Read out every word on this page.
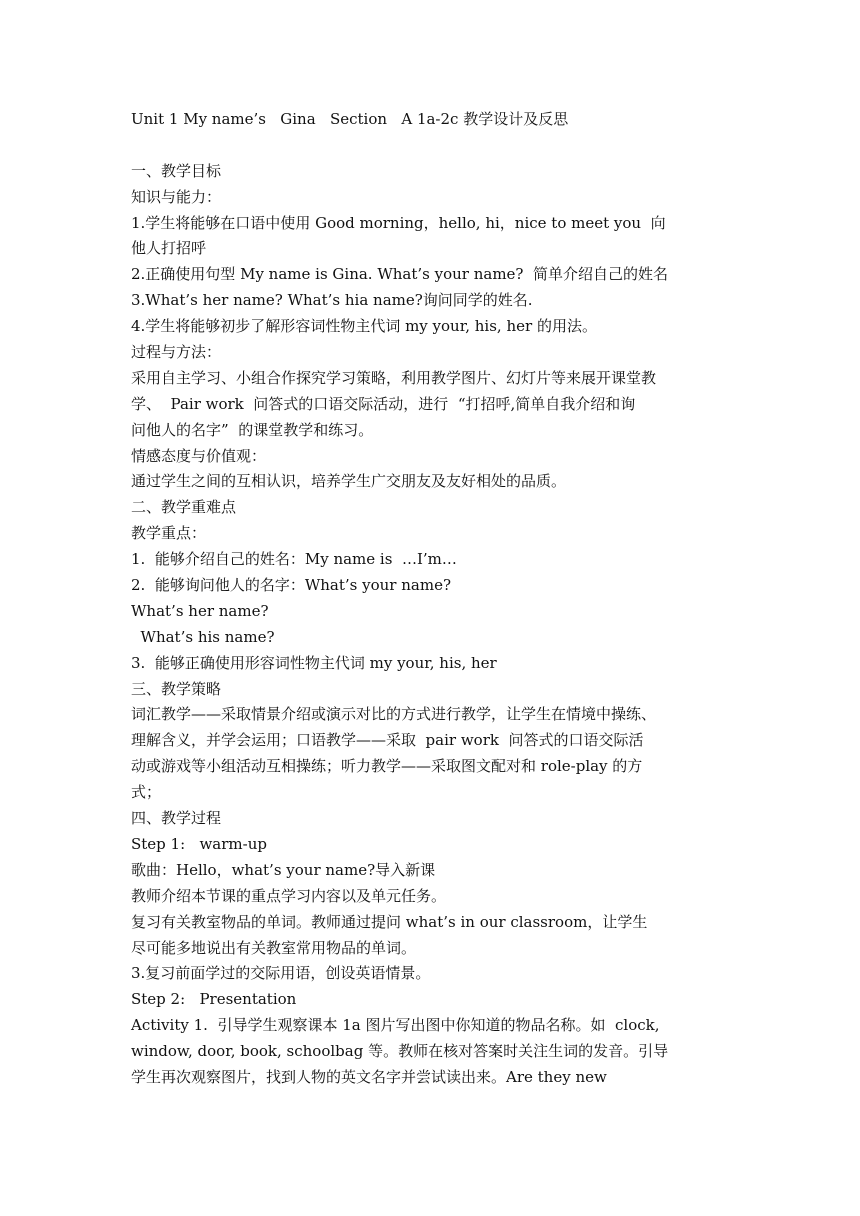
Unit 1 My name’s   Gina   Section   A 1a-2c 教学设计及反思
一、教学目标
知识与能力：
1.学生将能够在口语中使用 Good morning，hello, hi，nice to meet you  向
他人打招呼
2.正确使用句型 My name is Gina. What’s your name?  简单介绍自己的姓名
3.What’s her name? What’s hia name?询问同学的姓名.
4.学生将能够初步了解形容词性物主代词 my your, his, her 的用法。
过程与方法：
采用自主学习、小组合作探究学习策略，利用教学图片、幻灯片等来展开课堂教
学、  Pair work  问答式的口语交际活动，进行  “打招呼,简单自我介绍和询
问他人的名字”  的课堂教学和练习。
情感态度与价值观：
通过学生之间的互相认识，培养学生广交朋友及友好相处的品质。
二、教学重难点
教学重点：
1.  能够介绍自己的姓名：My name is  …I’m…
2.  能够询问他人的名字：What’s your name?
What’s her name?
What’s his name?
3.  能够正确使用形容词性物主代词 my your, his, her
三、教学策略
词汇教学——采取情景介绍或演示对比的方式进行教学，让学生在情境中操练、
理解含义，并学会运用；口语教学——采取  pair work  问答式的口语交际活
动或游戏等小组活动互相操练；听力教学——采取图文配对和 role-play 的方
式；
四、教学过程
Step 1:   warm-up
歌曲：Hello，what’s your name?导入新课
教师介绍本节课的重点学习内容以及单元任务。
复习有关教室物品的单词。教师通过提问 what’s in our classroom，让学生
尽可能多地说出有关教室常用物品的单词。
3.复习前面学过的交际用语，创设英语情景。
Step 2:   Presentation
Activity 1.  引导学生观察课本 1a 图片写出图中你知道的物品名称。如  clock,
window, door, book, schoolbag 等。教师在核对答案时关注生词的发音。引导
学生再次观察图片，找到人物的英文名字并尝试读出来。Are they new
